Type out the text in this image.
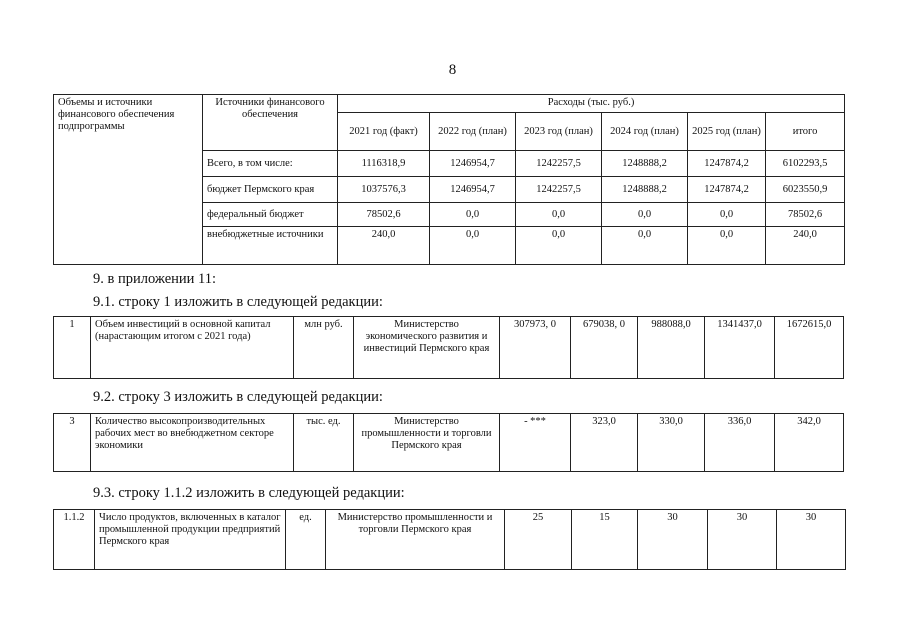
8
Объемы и источники финансового обеспечения подпрограммы	Источники финансового обеспечения	Расходы (тыс. руб.)					
		2021 год (факт)	2022 год (план)	2023 год (план)	2024 год (план)	2025 год (план)	итого
	Всего, в том числе:	1116318,9	1246954,7	1242257,5	1248888,2	1247874,2	6102293,5
	бюджет Пермского края	1037576,3	1246954,7	1242257,5	1248888,2	1247874,2	6023550,9
	федеральный бюджет	78502,6	0,0	0,0	0,0	0,0	78502,6
	внебюджетные источники	240,0	0,0	0,0	0,0	0,0	240,0
9. в приложении 11:
9.1. строку 1 изложить в следующей редакции:
1	Объем инвестиций в основной капитал (нарастающим итогом с 2021 года)	млн руб.	Министерство экономического развития и инвестиций Пермского края	307973, 0	679038, 0	988088,0	1341437,0	1672615,0
9.2. строку 3 изложить в следующей редакции:
3	Количество высокопроизводительных рабочих мест во внебюджетном секторе экономики	тыс. ед.	Министерство промышленности и торговли Пермского края	- ***	323,0	330,0	336,0	342,0
9.3. строку 1.1.2 изложить в следующей редакции:
1.1.2	Число продуктов, включенных в каталог промышленной продукции предприятий Пермского края	ед.	Министерство промышленности и торговли Пермского края	25	15	30	30	30
